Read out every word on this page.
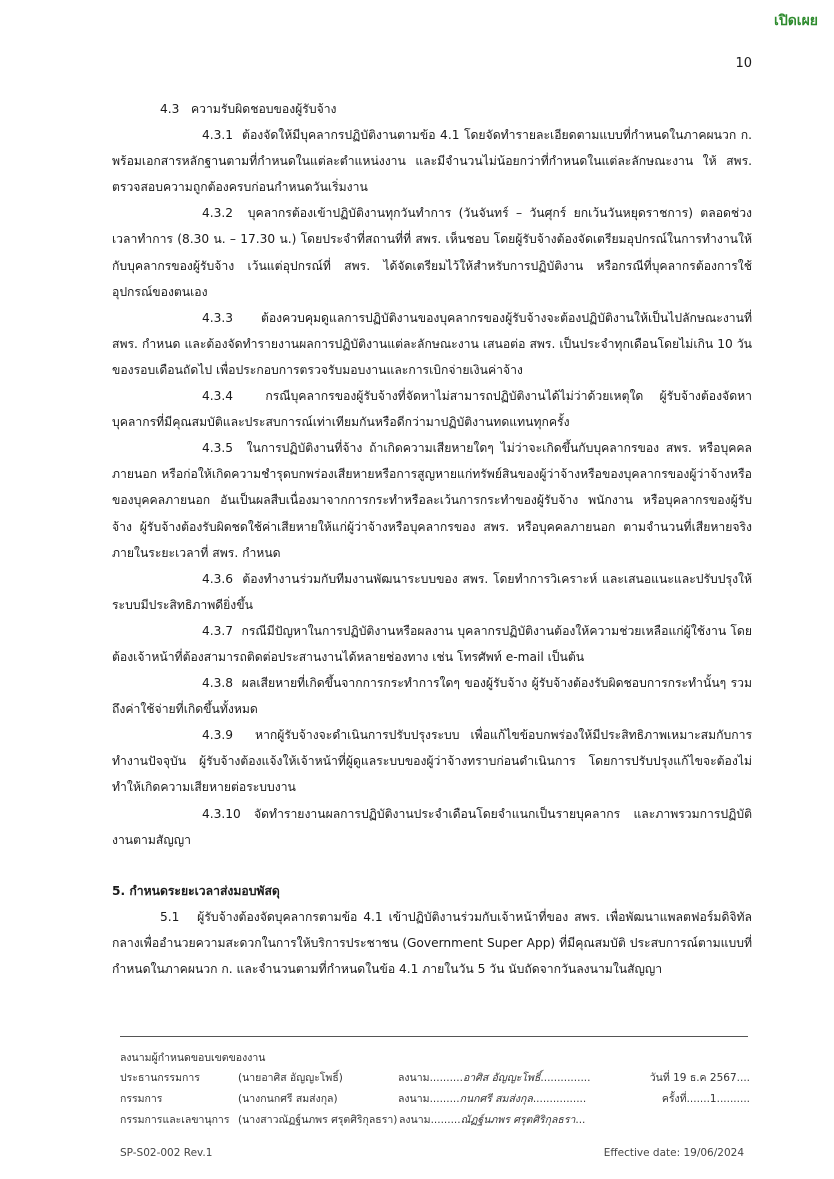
เปิดเผย
10

4.3   ความรับผิดชอบของผู้รับจ้าง

4.3.1  ต้องจัดให้มีบุคลากรปฏิบัติงานตามข้อ 4.1 โดยจัดทำรายละเอียดตามแบบที่กำหนดในภาคผนวก ก. พร้อมเอกสารหลักฐานตามที่กำหนดในแต่ละตำแหน่งงาน และมีจำนวนไม่น้อยกว่าที่กำหนดในแต่ละลักษณะงาน ให้ สพร. ตรวจสอบความถูกต้องครบก่อนกำหนดวันเริ่มงาน

4.3.2  บุคลากรต้องเข้าปฏิบัติงานทุกวันทำการ (วันจันทร์ – วันศุกร์ ยกเว้นวันหยุดราชการ) ตลอดช่วงเวลาทำการ (8.30 น. – 17.30 น.) โดยประจำที่สถานที่ที่ สพร. เห็นชอบ โดยผู้รับจ้างต้องจัดเตรียมอุปกรณ์ในการทำงานให้กับบุคลากรของผู้รับจ้าง เว้นแต่อุปกรณ์ที่ สพร. ได้จัดเตรียมไว้ให้สำหรับการปฏิบัติงาน หรือกรณีที่บุคลากรต้องการใช้อุปกรณ์ของตนเอง

4.3.3  ต้องควบคุมดูแลการปฏิบัติงานของบุคลากรของผู้รับจ้างจะต้องปฏิบัติงานให้เป็นไปลักษณะงานที่ สพร. กำหนด และต้องจัดทำรายงานผลการปฏิบัติงานแต่ละลักษณะงาน เสนอต่อ สพร. เป็นประจำทุกเดือนโดยไม่เกิน 10 วัน ของรอบเดือนถัดไป เพื่อประกอบการตรวจรับมอบงานและการเบิกจ่ายเงินค่าจ้าง

4.3.4  กรณีบุคลากรของผู้รับจ้างที่จัดหาไม่สามารถปฏิบัติงานได้ไม่ว่าด้วยเหตุใด ผู้รับจ้างต้องจัดหาบุคลากรที่มีคุณสมบัติและประสบการณ์เท่าเทียมกันหรือดีกว่ามาปฏิบัติงานทดแทนทุกครั้ง

4.3.5  ในการปฏิบัติงานที่จ้าง ถ้าเกิดความเสียหายใดๆ ไม่ว่าจะเกิดขึ้นกับบุคลากรของ สพร. หรือบุคคลภายนอก หรือก่อให้เกิดความชำรุดบกพร่องเสียหายหรือการสูญหายแก่ทรัพย์สินของผู้ว่าจ้างหรือของบุคลากรของผู้ว่าจ้างหรือของบุคคลภายนอก อันเป็นผลสืบเนื่องมาจากการกระทำหรือละเว้นการกระทำของผู้รับจ้าง พนักงาน หรือบุคลากรของผู้รับจ้าง ผู้รับจ้างต้องรับผิดชดใช้ค่าเสียหายให้แก่ผู้ว่าจ้างหรือบุคลากรของ สพร. หรือบุคคลภายนอก ตามจำนวนที่เสียหายจริง ภายในระยะเวลาที่ สพร. กำหนด

4.3.6  ต้องทำงานร่วมกับทีมงานพัฒนาระบบของ สพร. โดยทำการวิเคราะห์ และเสนอแนะและปรับปรุงให้ระบบมีประสิทธิภาพดียิ่งขึ้น

4.3.7  กรณีมีปัญหาในการปฏิบัติงานหรือผลงาน บุคลากรปฏิบัติงานต้องให้ความช่วยเหลือแก่ผู้ใช้งาน โดยต้องเจ้าหน้าที่ต้องสามารถติดต่อประสานงานได้หลายช่องทาง เช่น โทรศัพท์ e-mail เป็นต้น

4.3.8  ผลเสียหายที่เกิดขึ้นจากการกระทำการใดๆ ของผู้รับจ้าง ผู้รับจ้างต้องรับผิดชอบการกระทำนั้นๆ รวมถึงค่าใช้จ่ายที่เกิดขึ้นทั้งหมด

4.3.9  หากผู้รับจ้างจะดำเนินการปรับปรุงระบบ เพื่อแก้ไขข้อบกพร่องให้มีประสิทธิภาพเหมาะสมกับการทำงานปัจจุบัน ผู้รับจ้างต้องแจ้งให้เจ้าหน้าที่ผู้ดูแลระบบของผู้ว่าจ้างทราบก่อนดำเนินการ โดยการปรับปรุงแก้ไขจะต้องไม่ทำให้เกิดความเสียหายต่อระบบงาน

4.3.10 จัดทำรายงานผลการปฏิบัติงานประจำเดือนโดยจำแนกเป็นรายบุคลากร และภาพรวมการปฏิบัติงานตามสัญญา

5. กำหนดระยะเวลาส่งมอบพัสดุ

5.1   ผู้รับจ้างต้องจัดบุคลากรตามข้อ 4.1 เข้าปฏิบัติงานร่วมกับเจ้าหน้าที่ของ สพร. เพื่อพัฒนาแพลตฟอร์มดิจิทัลกลางเพื่ออำนวยความสะดวกในการให้บริการประชาชน (Government Super App) ที่มีคุณสมบัติ ประสบการณ์ตามแบบที่กำหนดในภาคผนวก ก. และจำนวนตามที่กำหนดในข้อ 4.1 ภายในวัน 5 วัน นับถัดจากวันลงนามในสัญญา

ลงนามผู้กำหนดขอบเขตของงาน
ประธานกรรมการ	(นายอาศิส อัญญะโพธิ์)	ลงนาม..........อาศิส อัญญะโพธิ์...............	วันที่ 19 ธ.ค 2567....
กรรมการ	(นางกนกศรี สมส่งกุล)	ลงนาม.........กนกศรี สมส่งกุล................	ครั้งที่.......1..........
กรรมการและเลขานุการ (นางสาวณัฏฐ์นภพร ศรุตศิริกุลธรา) ลงนาม.........ณัฏฐ์นภพร ศรุตศิริกุลธรา...
SP-S02-002 Rev.1	Effective date: 19/06/2024
